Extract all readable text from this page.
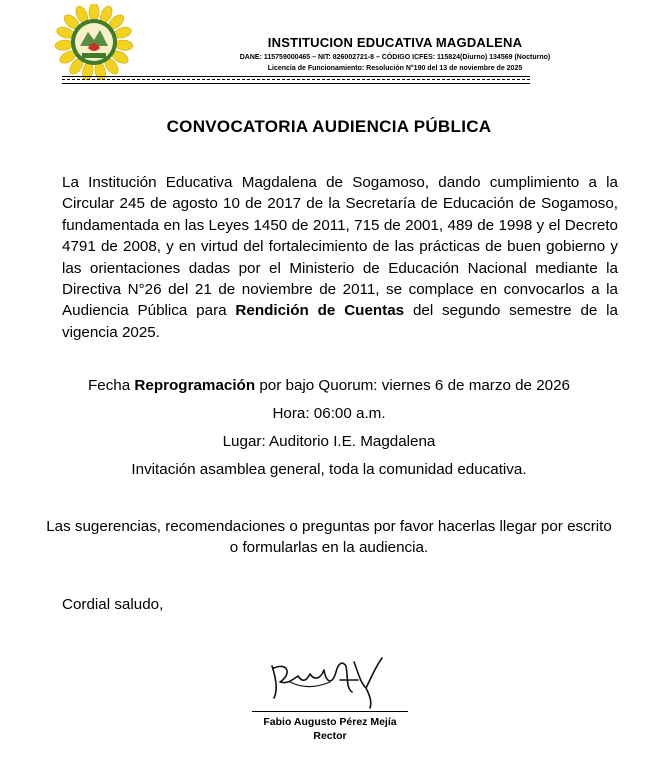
INSTITUCION EDUCATIVA MAGDALENA
DANE: 115759000465 – NIT: 826002721-8 – CÓDIGO ICFES: 115824(Diurno) 134569 (Nocturno)
Licencia de Funcionamiento: Resolución N°190 del 13 de noviembre de 2025
CONVOCATORIA AUDIENCIA PÚBLICA
La Institución Educativa Magdalena de Sogamoso, dando cumplimiento a la Circular 245 de agosto 10 de 2017 de la Secretaría de Educación de Sogamoso, fundamentada en las Leyes 1450 de 2011, 715 de 2001, 489 de 1998 y el Decreto 4791 de 2008, y en virtud del fortalecimiento de las prácticas de buen gobierno y las orientaciones dadas por el Ministerio de Educación Nacional mediante la Directiva N°26 del 21 de noviembre de 2011, se complace en convocarlos a la Audiencia Pública para Rendición de Cuentas del segundo semestre de la vigencia 2025.
Fecha Reprogramación por bajo Quorum: viernes 6 de marzo de 2026
Hora: 06:00 a.m.
Lugar: Auditorio I.E. Magdalena
Invitación asamblea general, toda la comunidad educativa.
Las sugerencias, recomendaciones o preguntas por favor hacerlas llegar por escrito o formularlas en la audiencia.
Cordial saludo,
Fabio Augusto Pérez Mejía
Rector
